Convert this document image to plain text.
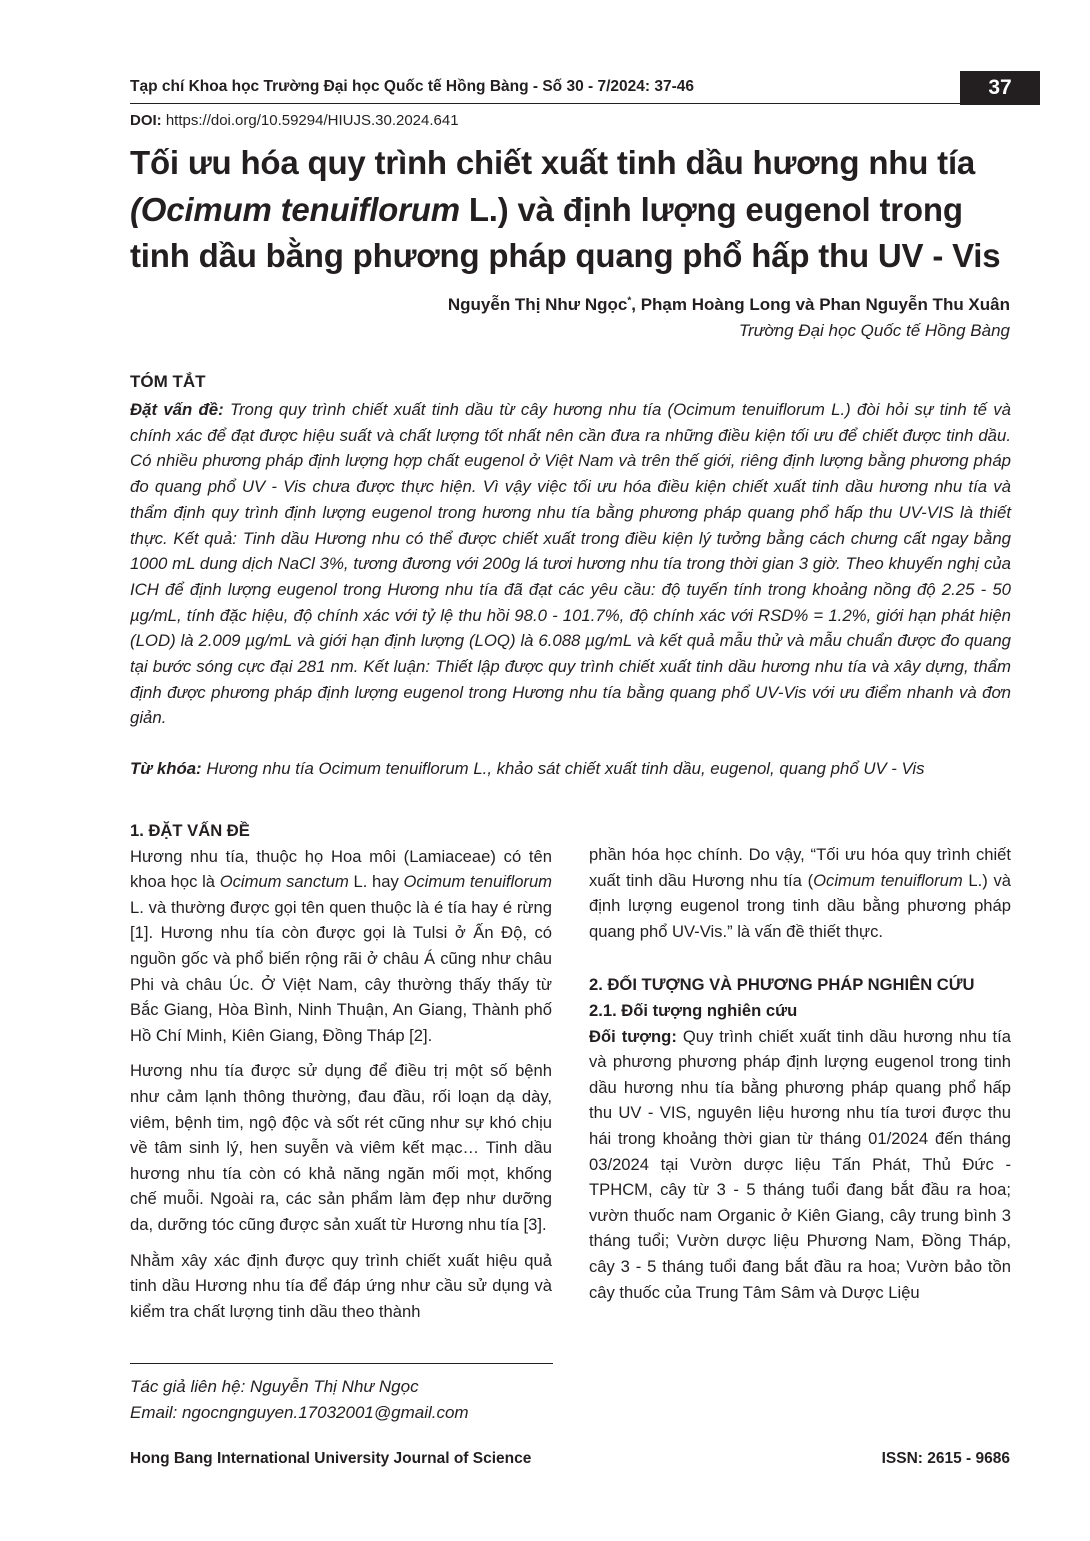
Tạp chí Khoa học Trường Đại học Quốc tế Hồng Bàng - Số 30 - 7/2024: 37-46	37
DOI: https://doi.org/10.59294/HIUJS.30.2024.641
Tối ưu hóa quy trình chiết xuất tinh dầu hương nhu tía
(Ocimum tenuiflorum L.) và định lượng eugenol trong
tinh dầu bằng phương pháp quang phổ hấp thu UV - Vis
Nguyễn Thị Như Ngọc*, Phạm Hoàng Long và Phan Nguyễn Thu Xuân
Trường Đại học Quốc tế Hồng Bàng
TÓM TẮT
Đặt vấn đề: Trong quy trình chiết xuất tinh dầu từ cây hương nhu tía (Ocimum tenuiflorum L.) đòi hỏi sự tinh tế và chính xác để đạt được hiệu suất và chất lượng tốt nhất nên cần đưa ra những điều kiện tối ưu để chiết được tinh dầu. Có nhiều phương pháp định lượng hợp chất eugenol ở Việt Nam và trên thế giới, riêng định lượng bằng phương pháp đo quang phổ UV - Vis chưa được thực hiện. Vì vậy việc tối ưu hóa điều kiện chiết xuất tinh dầu hương nhu tía và thẩm định quy trình định lượng eugenol trong hương nhu tía bằng phương pháp quang phổ hấp thu UV-VIS là thiết thực. Kết quả: Tinh dầu Hương nhu có thể được chiết xuất trong điều kiện lý tưởng bằng cách chưng cất ngay bằng 1000 mL dung dịch NaCl 3%, tương đương với 200g lá tươi hương nhu tía trong thời gian 3 giờ. Theo khuyến nghị của ICH để định lượng eugenol trong Hương nhu tía đã đạt các yêu cầu: độ tuyến tính trong khoảng nồng độ 2.25 - 50 µg/mL, tính đặc hiệu, độ chính xác với tỷ lệ thu hồi 98.0 - 101.7%, độ chính xác với RSD% = 1.2%, giới hạn phát hiện (LOD) là 2.009 µg/mL và giới hạn định lượng (LOQ) là 6.088 µg/mL và kết quả mẫu thử và mẫu chuẩn được đo quang tại bước sóng cực đại 281 nm. Kết luận: Thiết lập được quy trình chiết xuất tinh dầu hương nhu tía và xây dựng, thẩm định được phương pháp định lượng eugenol trong Hương nhu tía bằng quang phổ UV-Vis với ưu điểm nhanh và đơn giản.
Từ khóa: Hương nhu tía Ocimum tenuiflorum L., khảo sát chiết xuất tinh dầu, eugenol, quang phổ UV - Vis

1. ĐẶT VẤN ĐỀ

Hương nhu tía, thuộc họ Hoa môi (Lamiaceae) có tên khoa học là Ocimum sanctum L. hay Ocimum tenuiflorum L. và thường được gọi tên quen thuộc là é tía hay é rừng [1]. Hương nhu tía còn được gọi là Tulsi ở Ấn Độ, có nguồn gốc và phổ biến rộng rãi ở châu Á cũng như châu Phi và châu Úc. Ở Việt Nam, cây thường thấy thấy từ Bắc Giang, Hòa Bình, Ninh Thuận, An Giang, Thành phố Hồ Chí Minh, Kiên Giang, Đồng Tháp [2].

Hương nhu tía được sử dụng để điều trị một số bệnh như cảm lạnh thông thường, đau đầu, rối loạn dạ dày, viêm, bệnh tim, ngộ độc và sốt rét cũng như sự khó chịu về tâm sinh lý, hen suyễn và viêm kết mạc… Tinh dầu hương nhu tía còn có khả năng ngăn mối mọt, khống chế muỗi. Ngoài ra, các sản phẩm làm đẹp như dưỡng da, dưỡng tóc cũng được sản xuất từ Hương nhu tía [3].

Nhằm xây xác định được quy trình chiết xuất hiệu quả tinh dầu Hương nhu tía để đáp ứng như cầu sử dụng và kiểm tra chất lượng tinh dầu theo thành

phần hóa học chính. Do vậy, “Tối ưu hóa quy trình chiết xuất tinh dầu Hương nhu tía (Ocimum tenuiflorum L.) và định lượng eugenol trong tinh dầu bằng phương pháp quang phổ UV-Vis.” là vấn đề thiết thực.

2. ĐỐI TƯỢNG VÀ PHƯƠNG PHÁP NGHIÊN CỨU

2.1. Đối tượng nghiên cứu

Đối tượng: Quy trình chiết xuất tinh dầu hương nhu tía và phương phương pháp định lượng eugenol trong tinh dầu hương nhu tía bằng phương pháp quang phổ hấp thu UV - VIS, nguyên liệu hương nhu tía tươi được thu hái trong khoảng thời gian từ tháng 01/2024 đến tháng 03/2024 tại Vườn dược liệu Tấn Phát, Thủ Đức - TPHCM, cây từ 3 - 5 tháng tuổi đang bắt đầu ra hoa; vườn thuốc nam Organic ở Kiên Giang, cây trung bình 3 tháng tuổi; Vườn dược liệu Phương Nam, Đồng Tháp, cây 3 - 5 tháng tuổi đang bắt đầu ra hoa; Vườn bảo tồn cây thuốc của Trung Tâm Sâm và Dược Liệu

Tác giả liên hệ: Nguyễn Thị Như Ngọc
Email: ngocngnguyen.17032001@gmail.com
Hong Bang International University Journal of Science	ISSN: 2615 - 9686
